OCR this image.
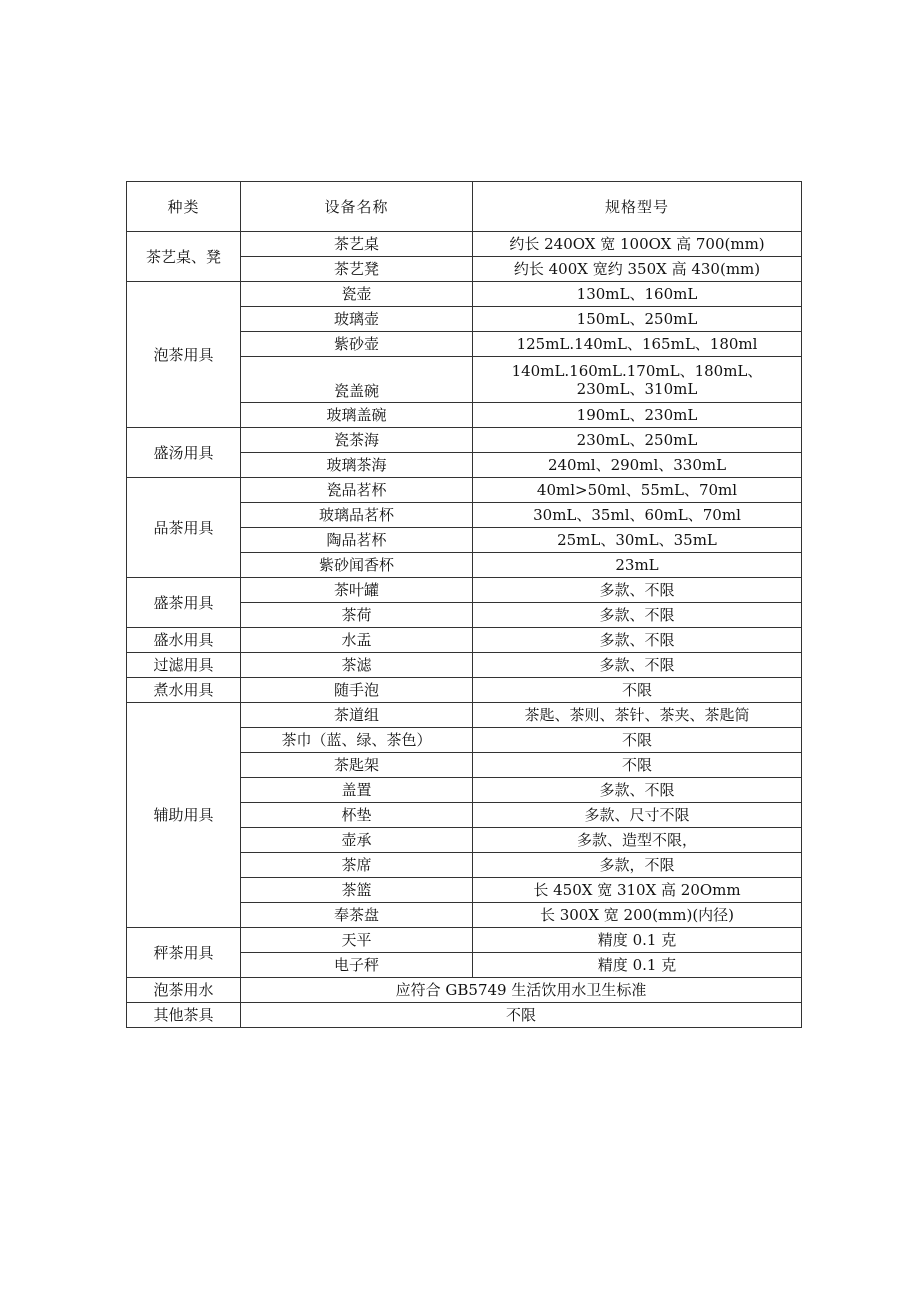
种类	设备名称	规格型号
茶艺桌、凳	茶艺桌	约长 240OX 宽 100OX 高 700(mm)
	茶艺凳	约长 400X 宽约 350X 高 430(mm)
泡茶用具	瓷壶	130mL、160mL
	玻璃壶	150mL、250mL
	紫砂壶	125mL.140mL、165mL、180ml
	瓷盖碗	140mL.160mL.170mL、180mL、
230mL、310mL
	玻璃盖碗	190mL、230mL
盛汤用具	瓷茶海	230mL、250mL
	玻璃茶海	240ml、290ml、330mL
品茶用具	瓷品茗杯	40ml>50ml、55mL、70ml
	玻璃品茗杯	30mL、35ml、60mL、70ml
	陶品茗杯	25mL、30mL、35mL
	紫砂闻香杯	23mL
盛茶用具	茶叶罐	多款、不限
	茶荷	多款、不限
盛水用具	水盂	多款、不限
过滤用具	茶滤	多款、不限
煮水用具	随手泡	不限
辅助用具	茶道组	茶匙、茶则、茶针、茶夹、茶匙筒
	茶巾（蓝、绿、茶色）	不限
	茶匙架	不限
	盖置	多款、不限
	杯垫	多款、尺寸不限
	壶承	多款、造型不限，
	茶席	多款，不限
	茶篮	长 450X 宽 310X 高 20Omm
	奉茶盘	长 300X 宽 200(mm)(内径)
秤茶用具	天平	精度 0.1 克
	电子秤	精度 0.1 克
泡茶用水	应符合 GB5749 生活饮用水卫生标准	
其他茶具	不限	
